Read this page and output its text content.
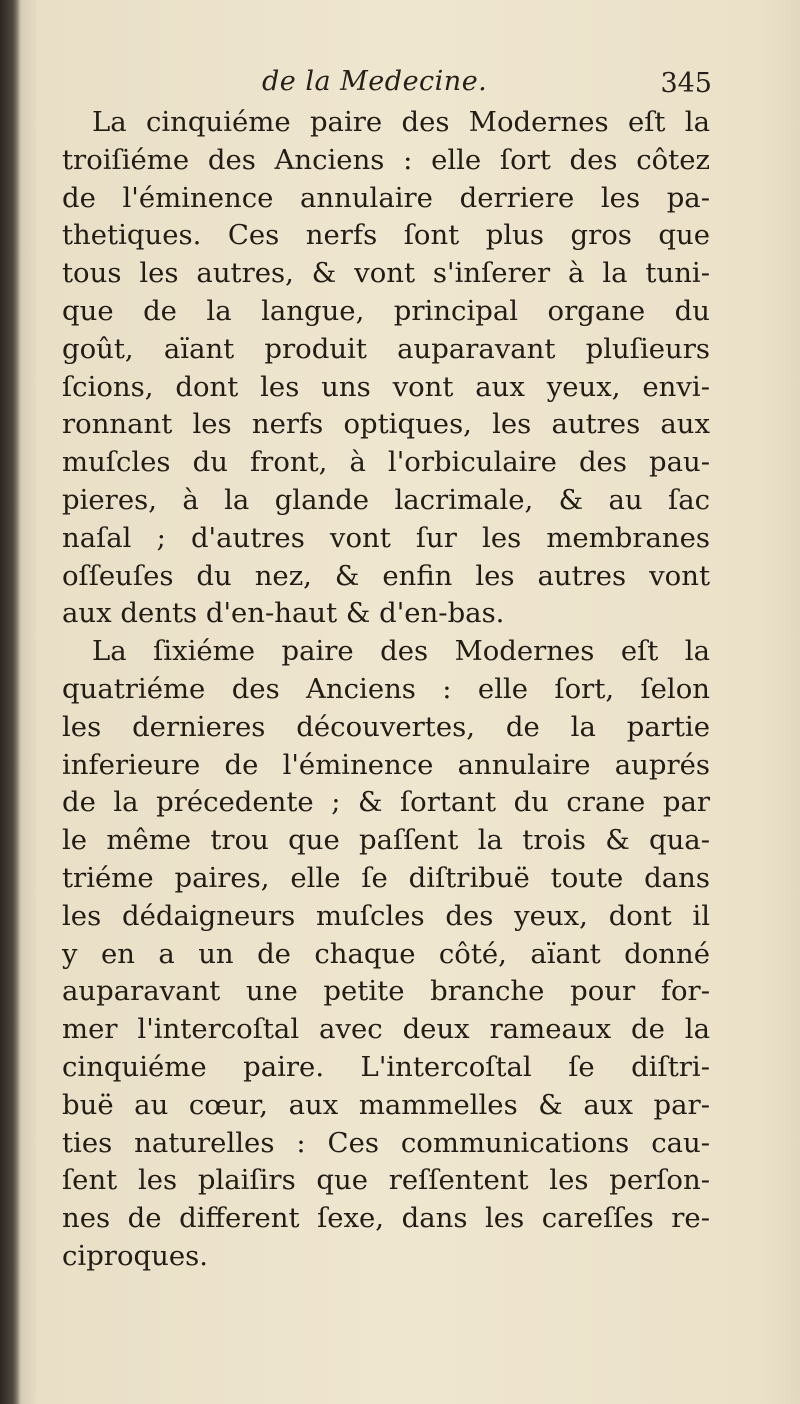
de la Medecine.	345
La cinquiéme paire des Modernes eſt la
troiſiéme des Anciens : elle ſort des côtez
de l'éminence annulaire derriere les pa-
thetiques. Ces nerfs ſont plus gros que
tous les autres, & vont s'inſerer à la tuni-
que de la langue, principal organe du
goût, aïant produit auparavant pluſieurs
ſcions, dont les uns vont aux yeux, envi-
ronnant les nerfs optiques, les autres aux
muſcles du front, à l'orbiculaire des pau-
pieres, à la glande lacrimale, & au ſac
naſal ; d'autres vont ſur les membranes
oſſeuſes du nez, & enfin les autres vont
aux dents d'en-haut & d'en-bas.
La ſixiéme paire des Modernes eſt la
quatriéme des Anciens : elle ſort, ſelon
les dernieres découvertes, de la partie
inferieure de l'éminence annulaire auprés
de la précedente ; & ſortant du crane par
le même trou que paſſent la trois & qua-
triéme paires, elle ſe diſtribuë toute dans
les dédaigneurs muſcles des yeux, dont il
y en a un de chaque côté, aïant donné
auparavant une petite branche pour for-
mer l'intercoſtal avec deux rameaux de la
cinquiéme paire. L'intercoſtal ſe diſtri-
buë au cœur, aux mammelles & aux par-
ties naturelles : Ces communications cau-
ſent les plaiſirs que reſſentent les perſon-
nes de different ſexe, dans les careſſes re-
ciproques.
